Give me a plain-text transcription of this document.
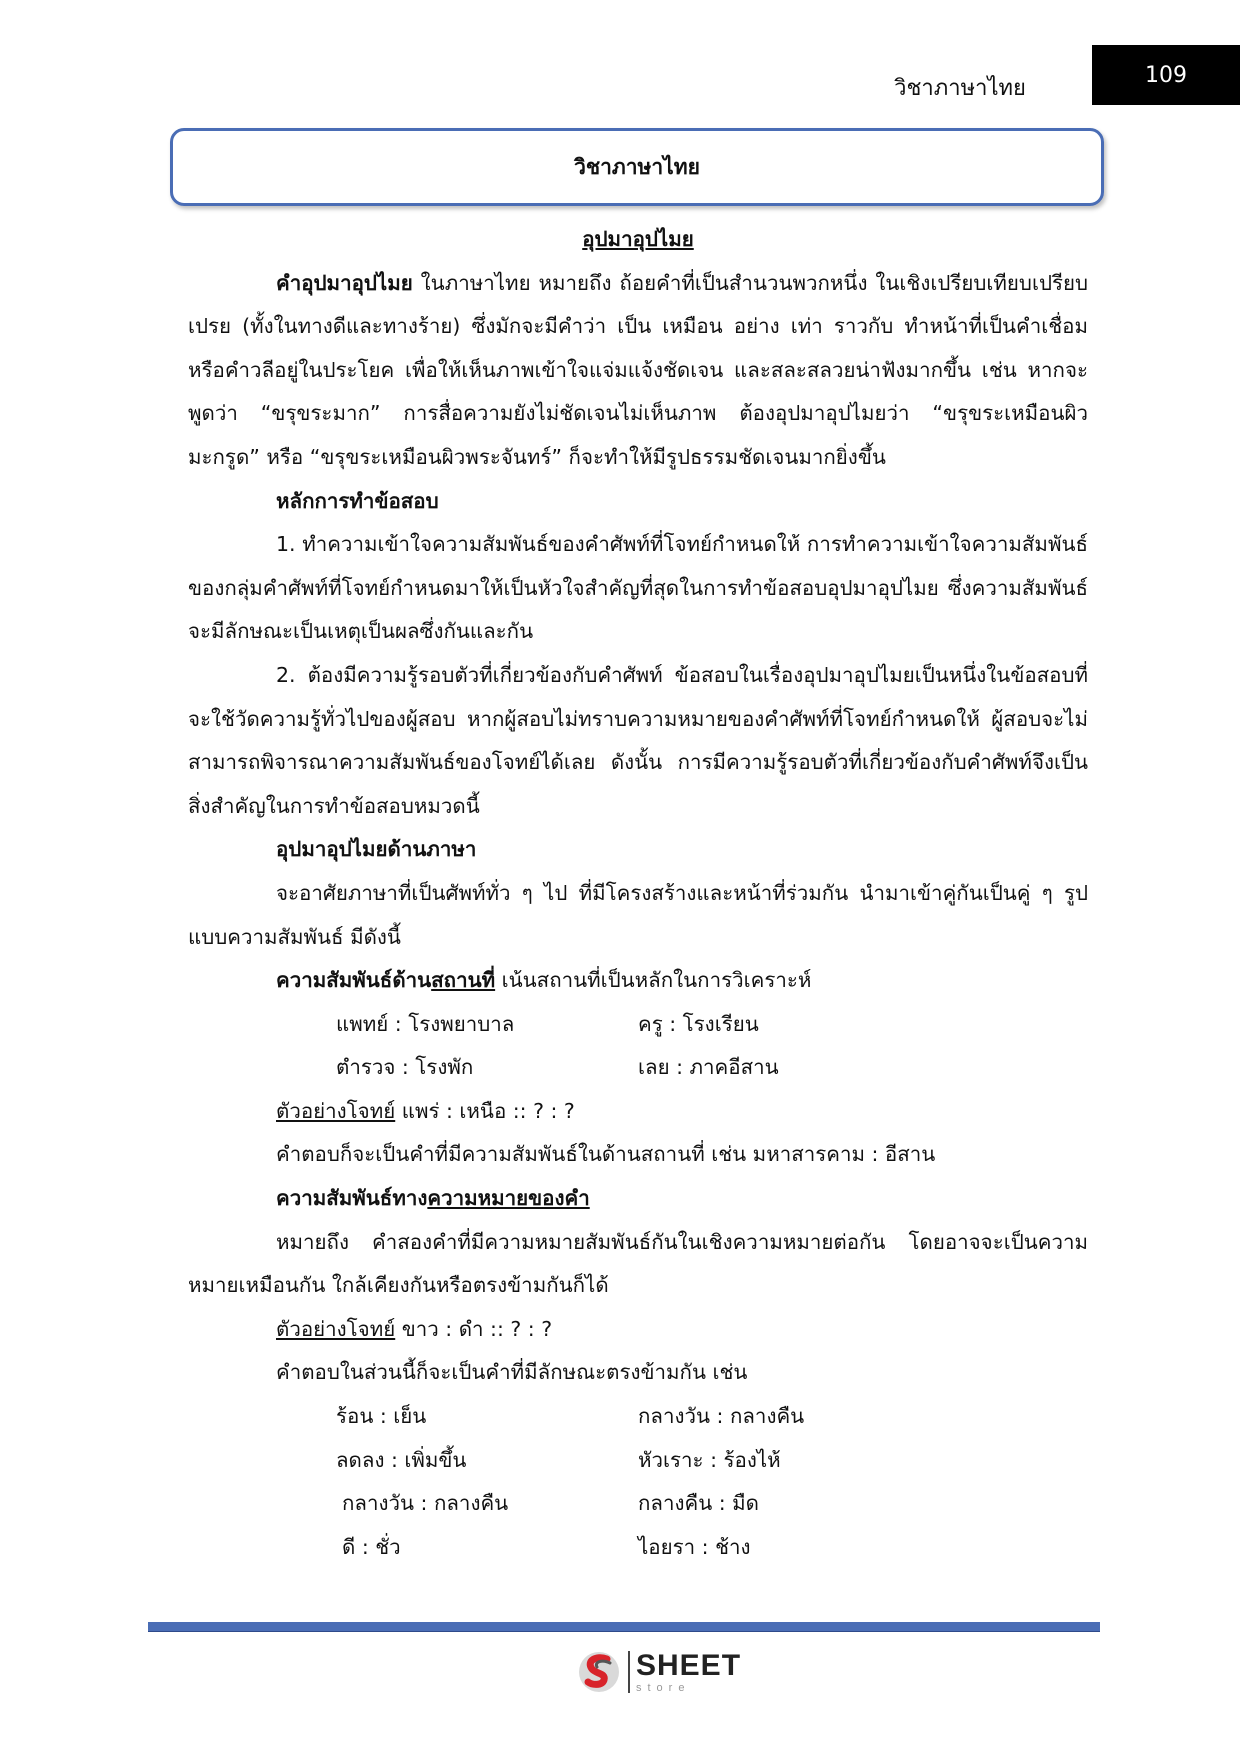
วิชาภาษาไทย
109
วิชาภาษาไทย

อุปมาอุปไมย

คำอุปมาอุปไมย ในภาษาไทย หมายถึง ถ้อยคำที่เป็นสำนวนพวกหนึ่ง ในเชิงเปรียบเทียบเปรียบเปรย (ทั้งในทางดีและทางร้าย) ซึ่งมักจะมีคำว่า เป็น เหมือน อย่าง เท่า ราวกับ ทำหน้าที่เป็นคำเชื่อมหรือคำวลีอยู่ในประโยค เพื่อให้เห็นภาพเข้าใจแจ่มแจ้งชัดเจน และสละสลวยน่าฟังมากขึ้น เช่น หากจะพูดว่า “ขรุขระมาก” การสื่อความยังไม่ชัดเจนไม่เห็นภาพ ต้องอุปมาอุปไมยว่า “ขรุขระเหมือนผิวมะกรูด” หรือ “ขรุขระเหมือนผิวพระจันทร์” ก็จะทำให้มีรูปธรรมชัดเจนมากยิ่งขึ้น

หลักการทำข้อสอบ

1. ทำความเข้าใจความสัมพันธ์ของคำศัพท์ที่โจทย์กำหนดให้ การทำความเข้าใจความสัมพันธ์ของกลุ่มคำศัพท์ที่โจทย์กำหนดมาให้เป็นหัวใจสำคัญที่สุดในการทำข้อสอบอุปมาอุปไมย ซึ่งความสัมพันธ์จะมีลักษณะเป็นเหตุเป็นผลซึ่งกันและกัน

2. ต้องมีความรู้รอบตัวที่เกี่ยวข้องกับคำศัพท์ ข้อสอบในเรื่องอุปมาอุปไมยเป็นหนึ่งในข้อสอบที่จะใช้วัดความรู้ทั่วไปของผู้สอบ หากผู้สอบไม่ทราบความหมายของคำศัพท์ที่โจทย์กำหนดให้ ผู้สอบจะไม่สามารถพิจารณาความสัมพันธ์ของโจทย์ได้เลย ดังนั้น การมีความรู้รอบตัวที่เกี่ยวข้องกับคำศัพท์จึงเป็นสิ่งสำคัญในการทำข้อสอบหมวดนี้

อุปมาอุปไมยด้านภาษา

จะอาศัยภาษาที่เป็นศัพท์ทั่ว ๆ ไป ที่มีโครงสร้างและหน้าที่ร่วมกัน นำมาเข้าคู่กันเป็นคู่ ๆ รูปแบบความสัมพันธ์ มีดังนี้

ความสัมพันธ์ด้านสถานที่ เน้นสถานที่เป็นหลักในการวิเคราะห์

แพทย์ : โรงพยาบาล	ครู : โรงเรียน
ตำรวจ : โรงพัก	เลย : ภาคอีสาน

ตัวอย่างโจทย์ แพร่ : เหนือ :: ? : ?

คำตอบก็จะเป็นคำที่มีความสัมพันธ์ในด้านสถานที่ เช่น มหาสารคาม : อีสาน

ความสัมพันธ์ทางความหมายของคำ

หมายถึง คำสองคำที่มีความหมายสัมพันธ์กันในเชิงความหมายต่อกัน โดยอาจจะเป็นความหมายเหมือนกัน ใกล้เคียงกันหรือตรงข้ามกันก็ได้

ตัวอย่างโจทย์ ขาว : ดำ :: ? : ?

คำตอบในส่วนนี้ก็จะเป็นคำที่มีลักษณะตรงข้ามกัน เช่น

ร้อน : เย็น	กลางวัน : กลางคืน
ลดลง : เพิ่มขึ้น	หัวเราะ : ร้องไห้
กลางวัน : กลางคืน	กลางคืน : มืด
ดี : ชั่ว	ไอยรา : ช้าง
SHEET
store
